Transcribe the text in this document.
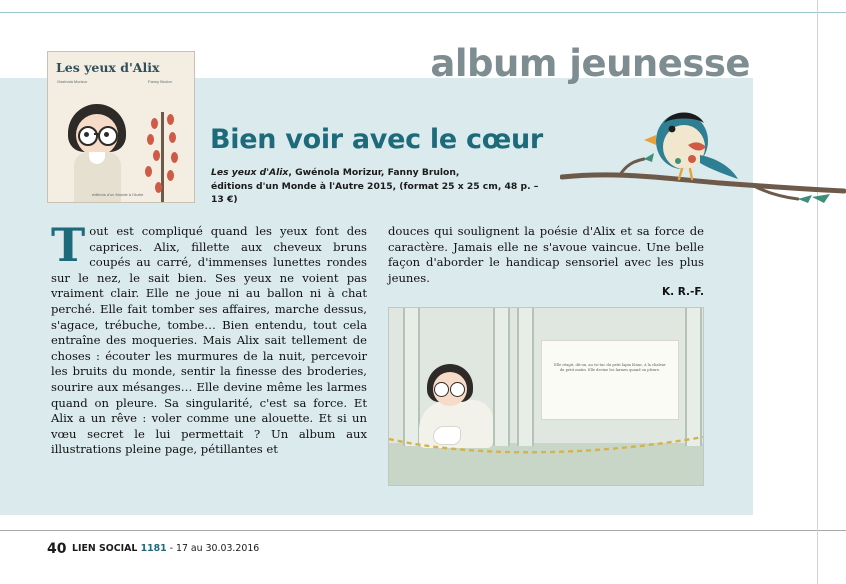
album jeunesse
Les yeux d'Alix
Gwénola Morizur	Fanny Brulon
éditions d'un Monde à l'Autre
Bien voir avec le cœur
Les yeux d'Alix, Gwénola Morizur, Fanny Brulon,
éditions d'un Monde à l'Autre 2015, (format 25 x 25 cm, 48 p. – 13 €)
Tout est compliqué quand les yeux font des caprices. Alix, fillette aux cheveux bruns coupés au carré, d'immenses lunettes rondes sur le nez, le sait bien. Ses yeux ne voient pas vraiment clair. Elle ne joue ni au ballon ni à chat perché. Elle fait tomber ses affaires, marche dessus, s'agace, trébuche, tombe… Bien entendu, tout cela entraîne des moqueries. Mais Alix sait tellement de choses : écouter les murmures de la nuit, percevoir les bruits du monde, sentir la finesse des broderies, sourire aux mésanges… Elle devine même les larmes quand on pleure. Sa singularité, c'est sa force. Et Alix a un rêve : voler comme une alouette. Et si un vœu secret le lui permettait ? Un album aux illustrations pleine page, pétillantes et
douces qui soulignent la poésie d'Alix et sa force de caractère. Jamais elle ne s'avoue vaincue. Une belle façon d'aborder le handicap sensoriel avec les plus jeunes.
K. R.-F.

Elle réagit, dit-on, au tic-tac du petit lapin blanc, à la chaleur du petit matin. Elle devine les larmes quand on pleure.

40 LIEN SOCIAL 1181 - 17 au 30.03.2016
